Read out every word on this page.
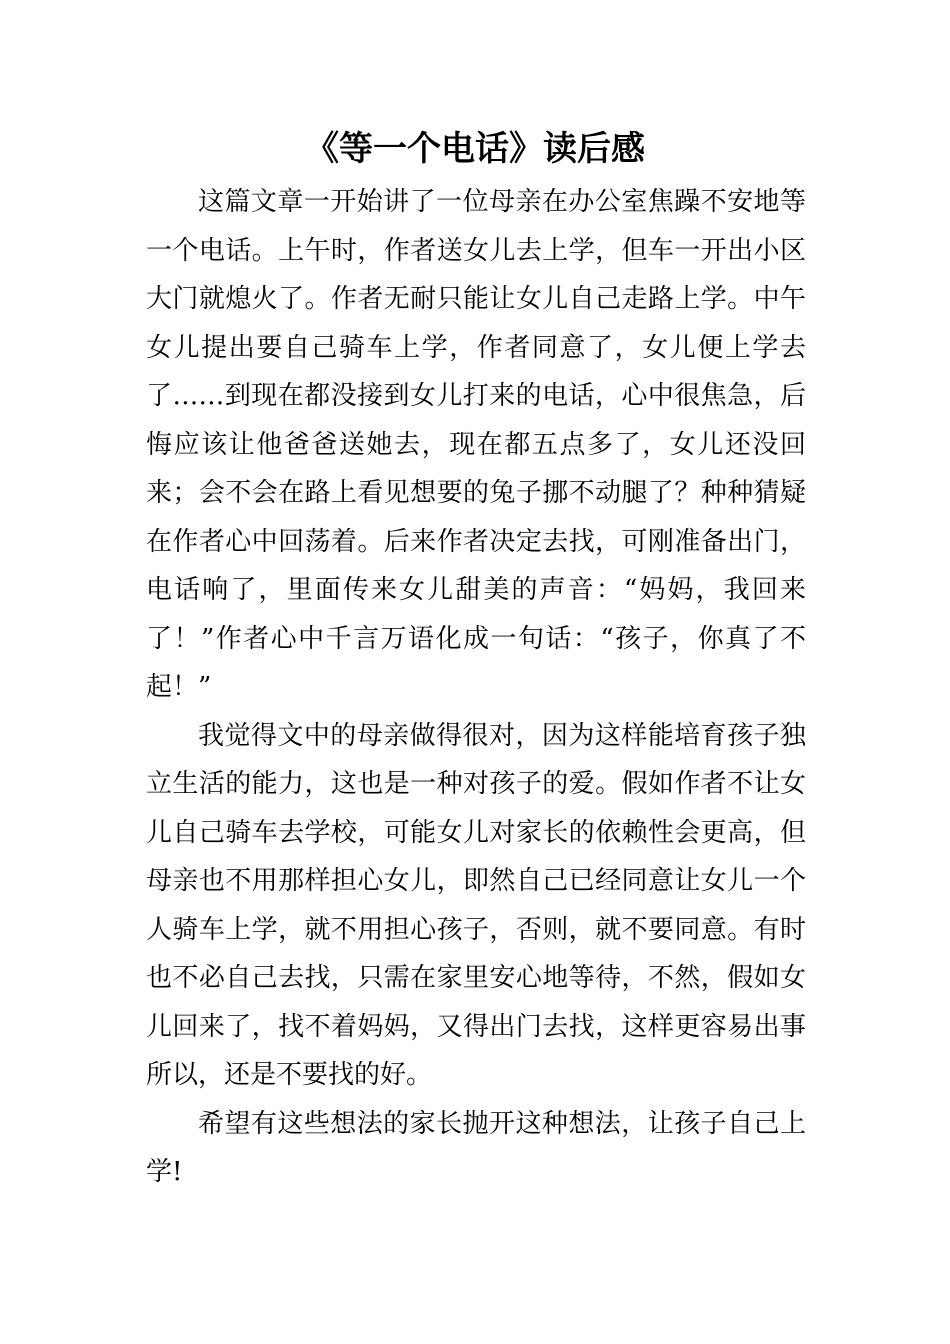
《等一个电话》读后感

这篇文章一开始讲了一位母亲在办公室焦躁不安地等一个电话。上午时，作者送女儿去上学，但车一开出小区大门就熄火了。作者无耐只能让女儿自己走路上学。中午女儿提出要自己骑车上学，作者同意了，女儿便上学去了……到现在都没接到女儿打来的电话，心中很焦急，后悔应该让他爸爸送她去，现在都五点多了，女儿还没回来；会不会在路上看见想要的兔子挪不动腿了？种种猜疑在作者心中回荡着。后来作者决定去找，可刚准备出门，电话响了，里面传来女儿甜美的声音：“妈妈，我回来了！”作者心中千言万语化成一句话：“孩子，你真了不起！”

我觉得文中的母亲做得很对，因为这样能培育孩子独立生活的能力，这也是一种对孩子的爱。假如作者不让女儿自己骑车去学校，可能女儿对家长的依赖性会更高，但母亲也不用那样担心女儿，即然自己已经同意让女儿一个人骑车上学，就不用担心孩子，否则，就不要同意。有时也不必自己去找，只需在家里安心地等待，不然，假如女儿回来了，找不着妈妈，又得出门去找，这样更容易出事所以，还是不要找的好。

希望有这些想法的家长抛开这种想法，让孩子自己上学!
